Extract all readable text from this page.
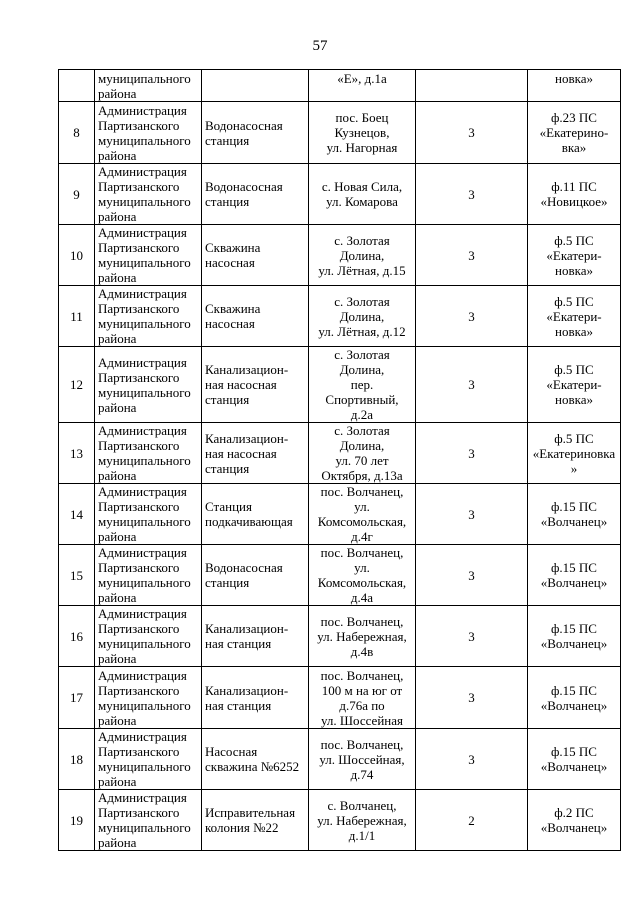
57

	муниципального
района		«Е», д.1а		новка»

8	Администрация
Партизанского
муниципального
района	Водонасосная
станция	пос. Боец
Кузнецов,
ул. Нагорная	3	ф.23 ПС
«Екатерино-
вка»

9	Администрация
Партизанского
муниципального
района	Водонасосная
станция	с. Новая Сила,
ул. Комарова	3	ф.11 ПС
«Новицкое»

10	Администрация
Партизанского
муниципального
района	Скважина
насосная	с. Золотая
Долина,
ул. Лётная, д.15	3	ф.5 ПС
«Екатери-
новка»

11	Администрация
Партизанского
муниципального
района	Скважина
насосная	с. Золотая
Долина,
ул. Лётная, д.12	3	ф.5 ПС
«Екатери-
новка»

12	Администрация
Партизанского
муниципального
района	Канализацион-
ная насосная
станция	с. Золотая
Долина,
пер.
Спортивный,
д.2а	3	ф.5 ПС
«Екатери-
новка»

13	Администрация
Партизанского
муниципального
района	Канализацион-
ная насосная
станция	с. Золотая
Долина,
ул. 70 лет
Октября, д.13а	3	ф.5 ПС
«Екатериновка
»

14	Администрация
Партизанского
муниципального
района	Станция
подкачивающая	пос. Волчанец,
ул.
Комсомольская,
д.4г	3	ф.15 ПС
«Волчанец»

15	Администрация
Партизанского
муниципального
района	Водонасосная
станция	пос. Волчанец,
ул.
Комсомольская,
д.4а	3	ф.15 ПС
«Волчанец»

16	Администрация
Партизанского
муниципального
района	Канализацион-
ная станция	пос. Волчанец,
ул. Набережная,
д.4в	3	ф.15 ПС
«Волчанец»

17	Администрация
Партизанского
муниципального
района	Канализацион-
ная станция	пос. Волчанец,
100 м на юг от
д.76а по
ул. Шоссейная	3	ф.15 ПС
«Волчанец»

18	Администрация
Партизанского
муниципального
района	Насосная
скважина №6252	пос. Волчанец,
ул. Шоссейная,
д.74	3	ф.15 ПС
«Волчанец»

19	Администрация
Партизанского
муниципального
района	Исправительная
колония №22	с. Волчанец,
ул. Набережная,
д.1/1	2	ф.2 ПС
«Волчанец»
